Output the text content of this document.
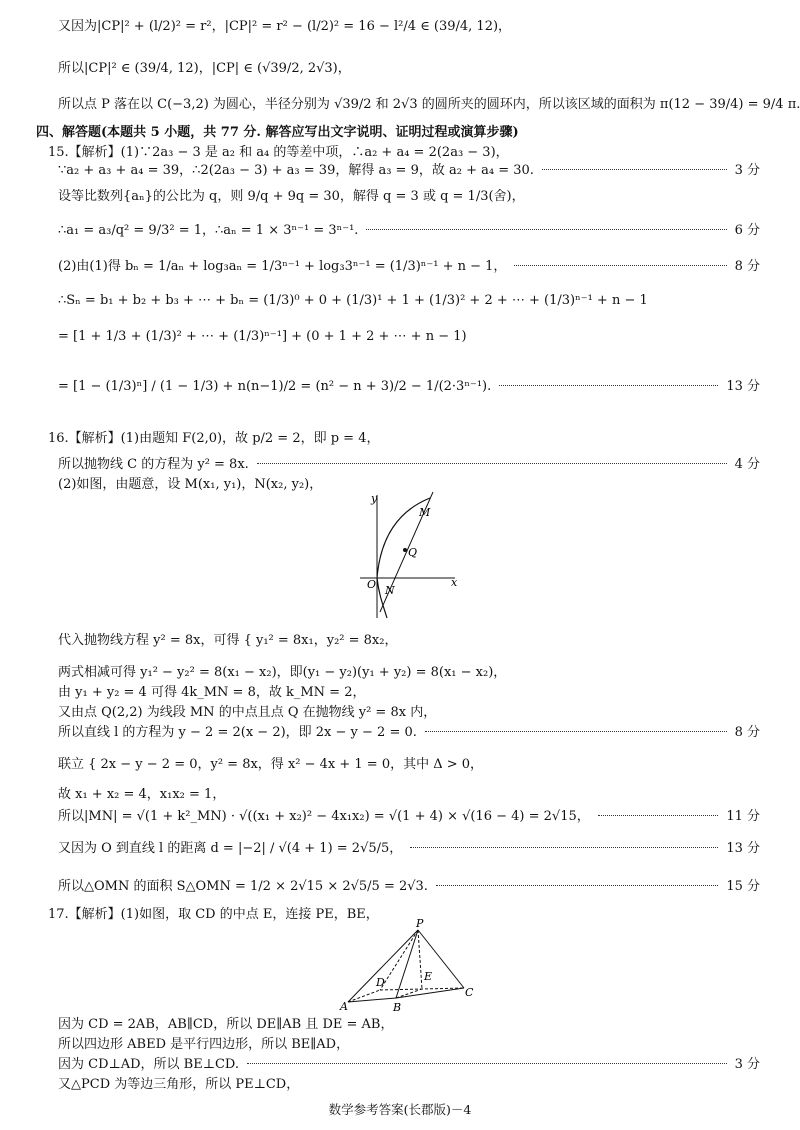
又因为|CP|² + (l/2)² = r²，|CP|² = r² − (l/2)² = 16 − l²/4 ∈ (39/4, 12)，
所以|CP|² ∈ (39/4, 12)，|CP| ∈ (√39/2, 2√3)，
所以点 P 落在以 C(−3,2) 为圆心，半径分别为 √39/2 和 2√3 的圆所夹的圆环内，所以该区域的面积为 π(12 − 39/4) = 9/4 π.
四、解答题(本题共 5 小题，共 77 分. 解答应写出文字说明、证明过程或演算步骤)
15.【解析】(1)∵2a₃ − 3 是 a₂ 和 a₄ 的等差中项，∴a₂ + a₄ = 2(2a₃ − 3)，
∵a₂ + a₃ + a₄ = 39，∴2(2a₃ − 3) + a₃ = 39，解得 a₃ = 9，故 a₂ + a₄ = 30.	3 分
设等比数列{aₙ}的公比为 q，则 9/q + 9q = 30，解得 q = 3 或 q = 1/3(舍)，
∴a₁ = a₃/q² = 9/3² = 1，∴aₙ = 1 × 3ⁿ⁻¹ = 3ⁿ⁻¹.	6 分
(2)由(1)得 bₙ = 1/aₙ + log₃aₙ = 1/3ⁿ⁻¹ + log₃3ⁿ⁻¹ = (1/3)ⁿ⁻¹ + n − 1，	8 分
∴Sₙ = b₁ + b₂ + b₃ + ⋯ + bₙ = (1/3)⁰ + 0 + (1/3)¹ + 1 + (1/3)² + 2 + ⋯ + (1/3)ⁿ⁻¹ + n − 1
= [1 + 1/3 + (1/3)² + ⋯ + (1/3)ⁿ⁻¹] + (0 + 1 + 2 + ⋯ + n − 1)
= [1 − (1/3)ⁿ] / (1 − 1/3) + n(n−1)/2 = (n² − n + 3)/2 − 1/(2·3ⁿ⁻¹).	13 分
16.【解析】(1)由题知 F(2,0)，故 p/2 = 2，即 p = 4，
所以抛物线 C 的方程为 y² = 8x.	4 分
(2)如图，由题意，设 M(x₁, y₁)，N(x₂, y₂)，
y
x
M
Q
O N
代入抛物线方程 y² = 8x，可得 { y₁² = 8x₁，y₂² = 8x₂，
两式相减可得 y₁² − y₂² = 8(x₁ − x₂)，即(y₁ − y₂)(y₁ + y₂) = 8(x₁ − x₂)，
由 y₁ + y₂ = 4 可得 4k_MN = 8，故 k_MN = 2，
又由点 Q(2,2) 为线段 MN 的中点且点 Q 在抛物线 y² = 8x 内，
所以直线 l 的方程为 y − 2 = 2(x − 2)，即 2x − y − 2 = 0.	8 分
联立 { 2x − y − 2 = 0，y² = 8x，得 x² − 4x + 1 = 0，其中 Δ > 0，
故 x₁ + x₂ = 4，x₁x₂ = 1，
所以|MN| = √(1 + k²_MN) · √((x₁ + x₂)² − 4x₁x₂) = √(1 + 4) × √(16 − 4) = 2√15，	11 分
又因为 O 到直线 l 的距离 d = |−2| / √(4 + 1) = 2√5/5，	13 分
所以△OMN 的面积 S△OMN = 1/2 × 2√15 × 2√5/5 = 2√3.	15 分
17.【解析】(1)如图，取 CD 的中点 E，连接 PE，BE，
P
E
D
A	B
C
因为 CD = 2AB，AB∥CD，所以 DE∥AB 且 DE = AB，
所以四边形 ABED 是平行四边形，所以 BE∥AD，
因为 CD⊥AD，所以 BE⊥CD.	3 分
又△PCD 为等边三角形，所以 PE⊥CD，
数学参考答案(长郡版)－4
